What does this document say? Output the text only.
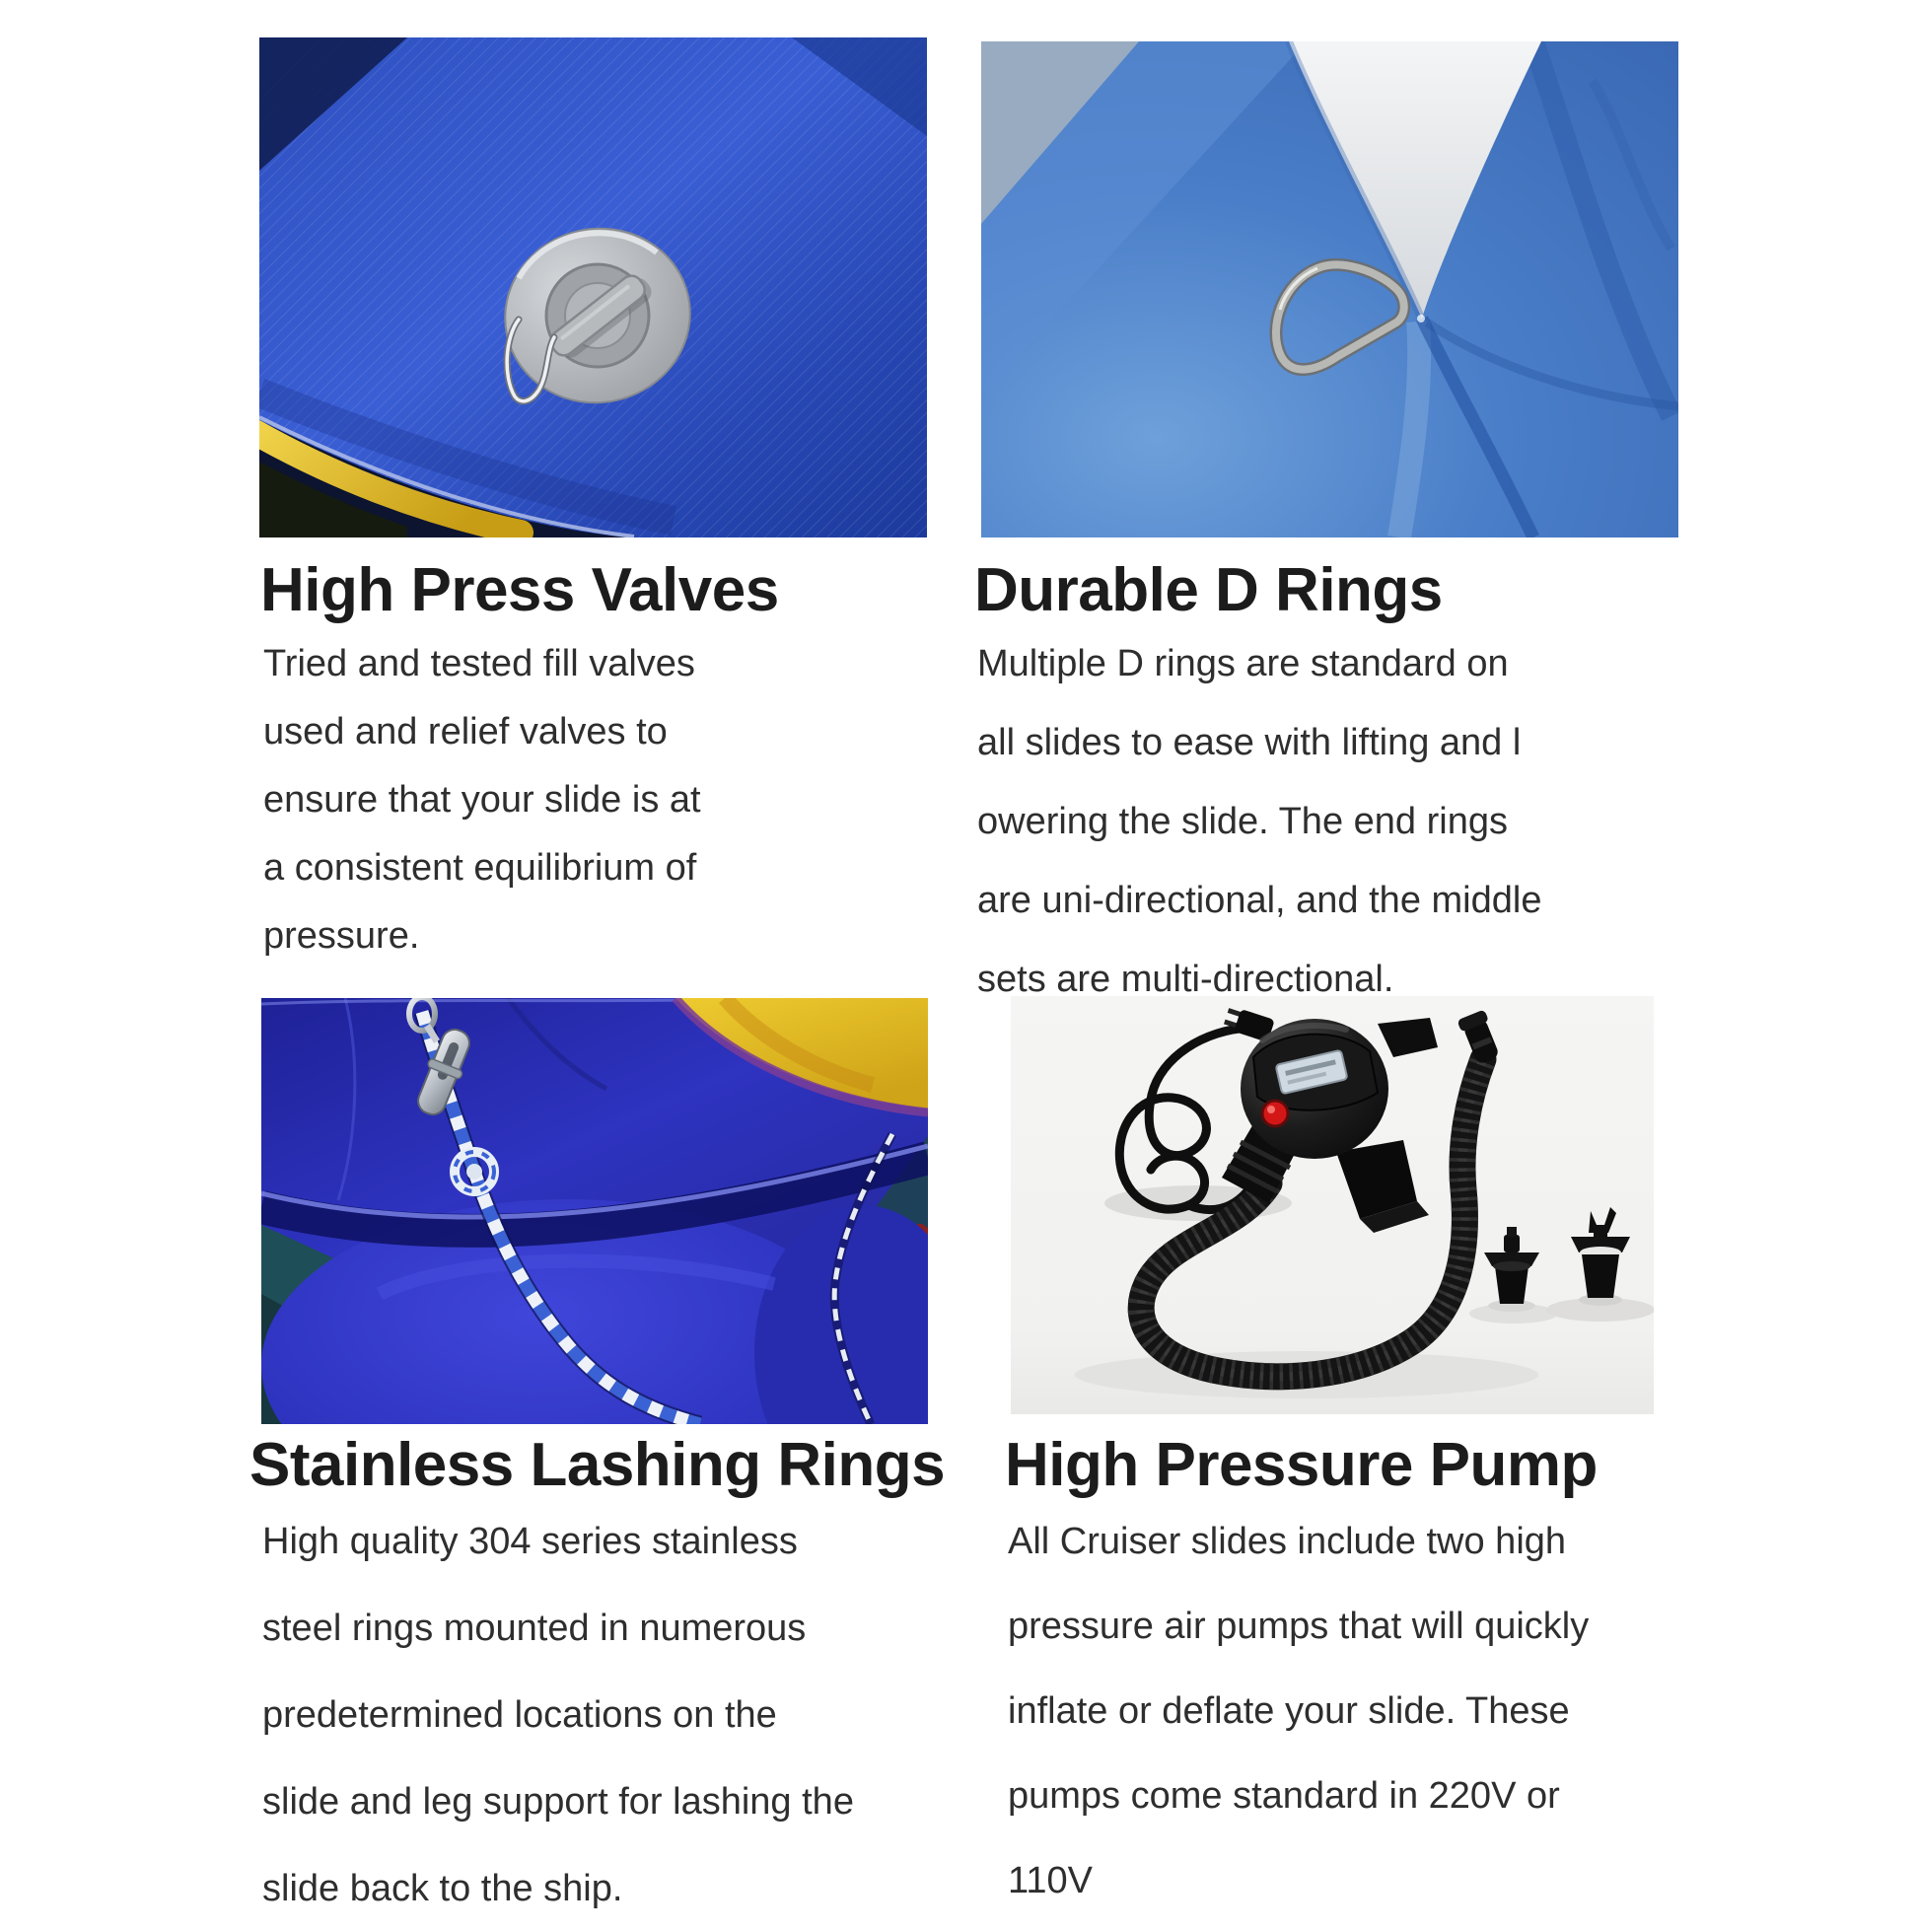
High Press Valves
Tried and tested fill valves
used and relief valves to
ensure that your slide is at
a consistent equilibrium of
pressure.
Durable D Rings
Multiple D rings are standard on
all slides to ease with lifting and l
owering the slide. The end rings
are uni-directional, and the middle
sets are multi-directional.
Stainless Lashing Rings
High quality 304 series stainless
steel rings mounted in numerous
predetermined locations on the
slide and leg support for lashing the
slide back to the ship.
High Pressure Pump
All Cruiser slides include two high
pressure air pumps that will quickly
inflate or deflate your slide. These
pumps come standard in 220V or
110V
